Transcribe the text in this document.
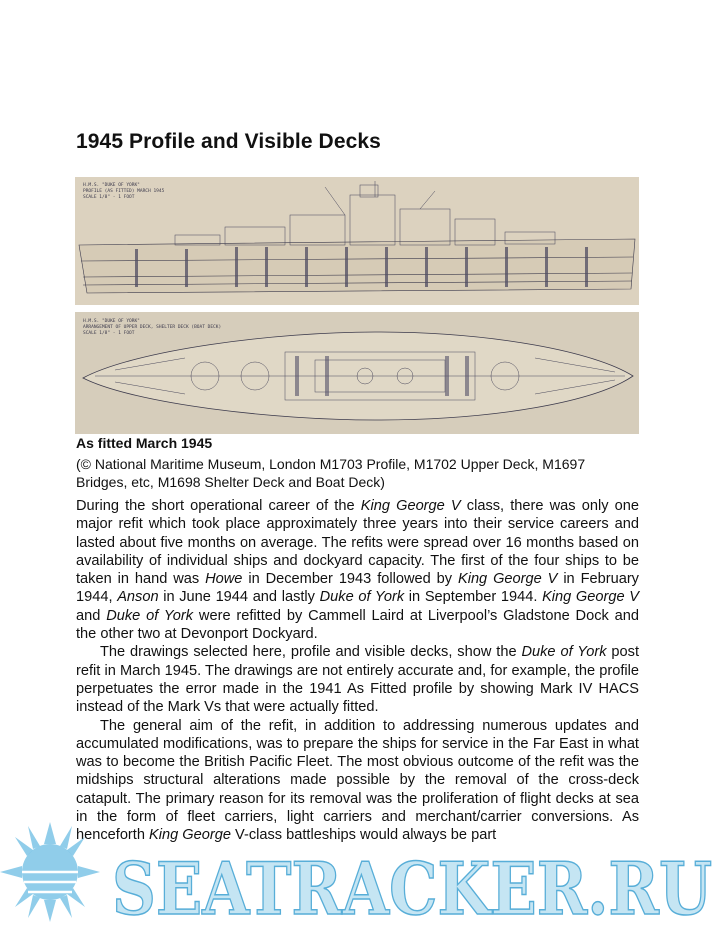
1945 Profile and Visible Decks
H.M.S. "DUKE OF YORK"
PROFILE (AS FITTED) MARCH 1945
SCALE 1/8" - 1 FOOT
H.M.S. "DUKE OF YORK"
ARRANGEMENT OF UPPER DECK, SHELTER DECK (BOAT DECK)
SCALE 1/8" - 1 FOOT

As fitted March 1945

(© National Maritime Museum, London M1703 Profile, M1702 Upper Deck, M1697 Bridges, etc, M1698 Shelter Deck and Boat Deck)

During the short operational career of the King George V class, there was only one major refit which took place approximately three years into their service careers and lasted about five months on average. The refits were spread over 16 months based on availability of individual ships and dockyard capacity. The first of the four ships to be taken in hand was Howe in December 1943 followed by King George V in February 1944, Anson in June 1944 and lastly Duke of York in September 1944. King George V and Duke of York were refitted by Cammell Laird at Liverpool’s Gladstone Dock and the other two at Devonport Dockyard.

The drawings selected here, profile and visible decks, show the Duke of York post refit in March 1945. The drawings are not entirely accurate and, for example, the profile perpetuates the error made in the 1941 As Fitted profile by showing Mark IV HACS instead of the Mark Vs that were actually fitted.

The general aim of the refit, in addition to addressing numerous updates and accumulated modifications, was to prepare the ships for service in the Far East in what was to become the British Pacific Fleet. The most obvious outcome of the refit was the midships structural alterations made possible by the removal of the cross-deck catapult. The primary reason for its removal was the proliferation of flight decks at sea in the form of fleet carriers, light carriers and merchant/carrier conversions. As henceforth King George V-class battleships would always be part

SEATRACKER.RU
